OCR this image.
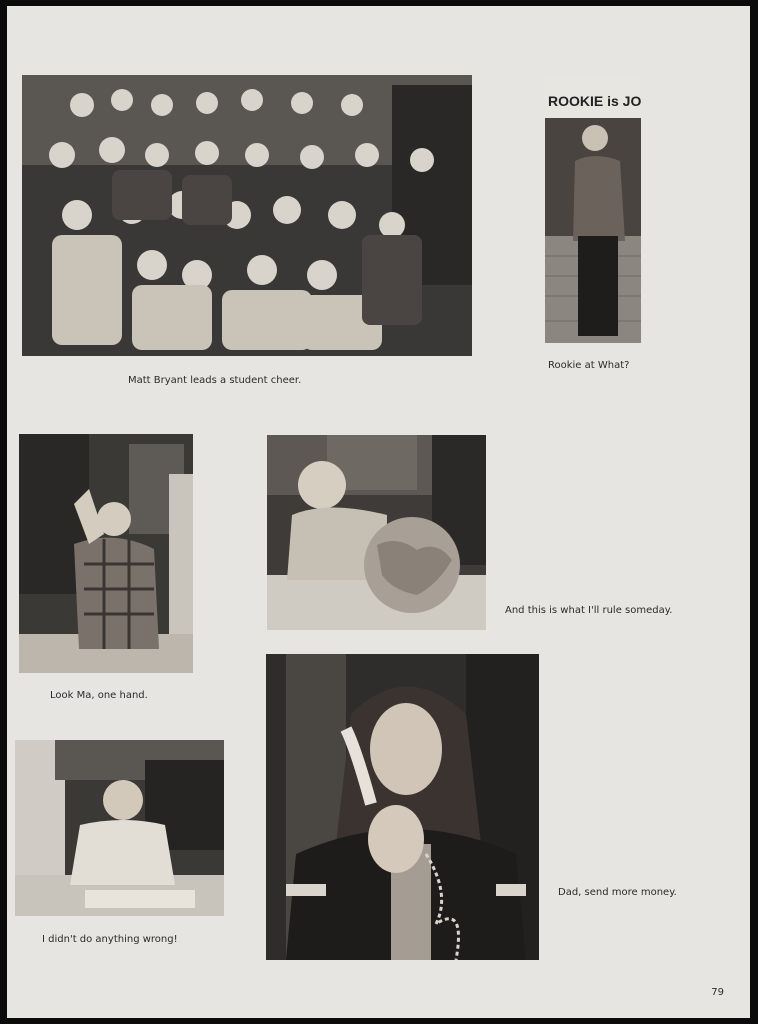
Matt Bryant leads a student cheer.
ROOKIE is JO
Rookie at What?
Look Ma, one hand.
And this is what I'll rule someday.
I didn't do anything wrong!
Dad, send more money.
79
